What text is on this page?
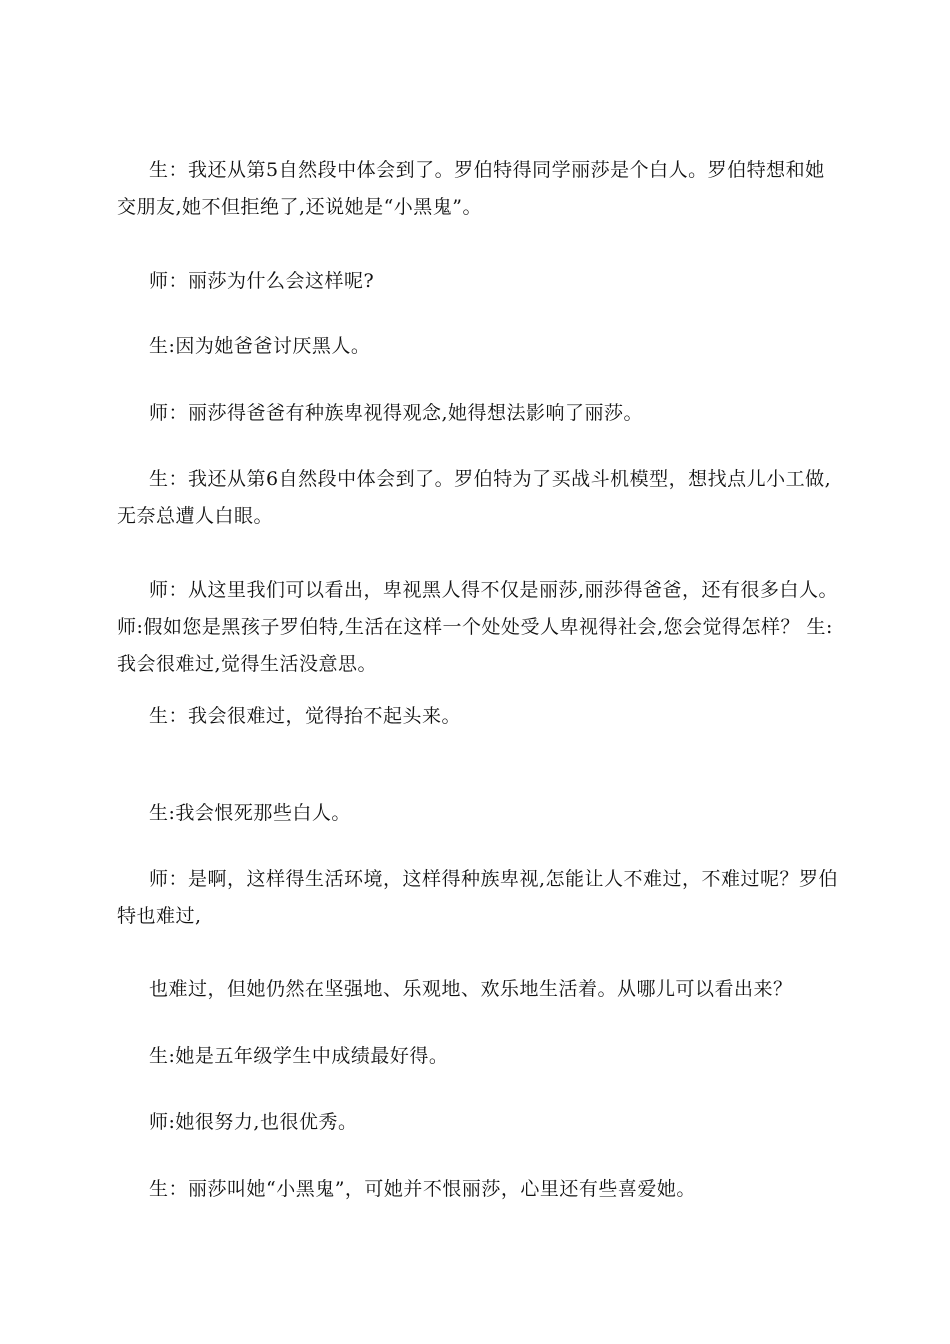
生：我还从第5自然段中体会到了。罗伯特得同学丽莎是个白人。罗伯特想和她
交朋友,她不但拒绝了,还说她是“小黑鬼”。
师：丽莎为什么会这样呢?
生:因为她爸爸讨厌黑人。
师：丽莎得爸爸有种族卑视得观念,她得想法影响了丽莎。
生：我还从第6自然段中体会到了。罗伯特为了买战斗机模型，想找点儿小工做,
无奈总遭人白眼。
师：从这里我们可以看出，卑视黑人得不仅是丽莎,丽莎得爸爸，还有很多白人。
师:假如您是黑孩子罗伯特,生活在这样一个处处受人卑视得社会,您会觉得怎样？ 生:
我会很难过,觉得生活没意思。
生：我会很难过，觉得抬不起头来。
生:我会恨死那些白人。
师：是啊，这样得生活环境，这样得种族卑视,怎能让人不难过，不难过呢？罗伯
特也难过,
也难过，但她仍然在坚强地、乐观地、欢乐地生活着。从哪儿可以看出来？
生:她是五年级学生中成绩最好得。
师:她很努力,也很优秀。
生：丽莎叫她“小黑鬼”，可她并不恨丽莎，心里还有些喜爱她。
